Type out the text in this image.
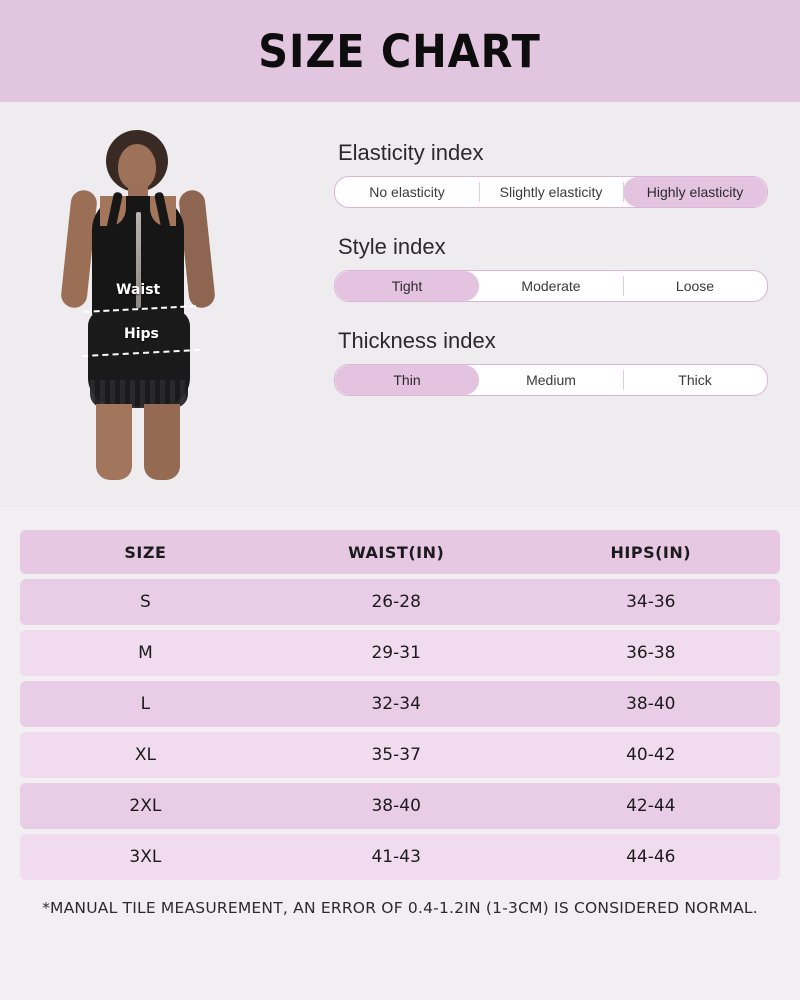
SIZE CHART
Waist
Hips
Elasticity index
No elasticity	Slightly elasticity	Highly elasticity
Style index
Tight	Moderate	Loose
Thickness index
Thin	Medium	Thick
SIZE	WAIST(IN)	HIPS(IN)
S	26-28	34-36
M	29-31	36-38
L	32-34	38-40
XL	35-37	40-42
2XL	38-40	42-44
3XL	41-43	44-46
*MANUAL TILE MEASUREMENT, AN ERROR OF 0.4-1.2IN (1-3CM) IS CONSIDERED NORMAL.
